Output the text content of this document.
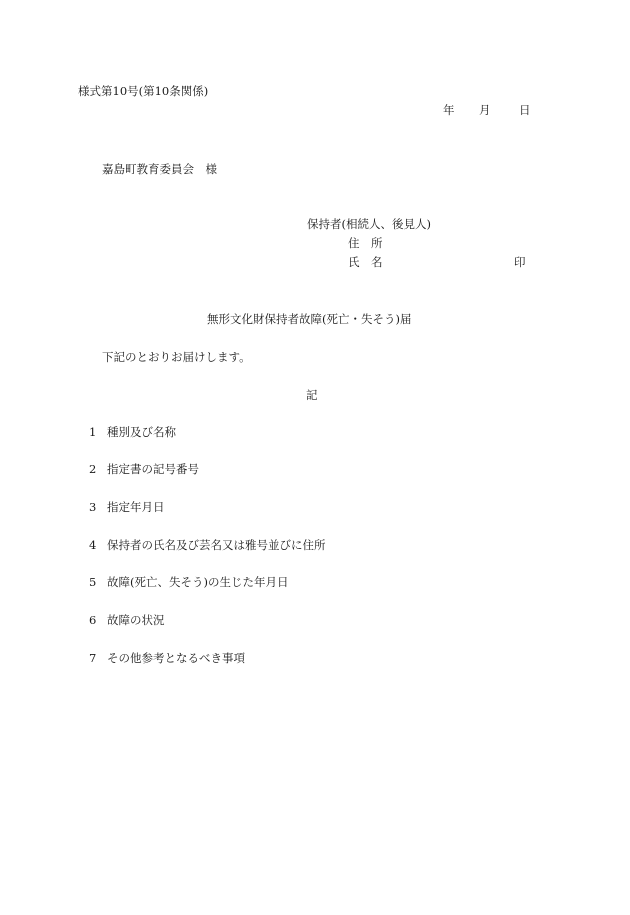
様式第10号(第10条関係)
年 月 日
嘉島町教育委員会　様
保持者(相続人、後見人)
住　所
氏　名	印
無形文化財保持者故障(死亡・失そう)届
下記のとおりお届けします。
記
1 種別及び名称
2 指定書の記号番号
3 指定年月日
4 保持者の氏名及び芸名又は雅号並びに住所
5 故障(死亡、失そう)の生じた年月日
6 故障の状況
7 その他参考となるべき事項
